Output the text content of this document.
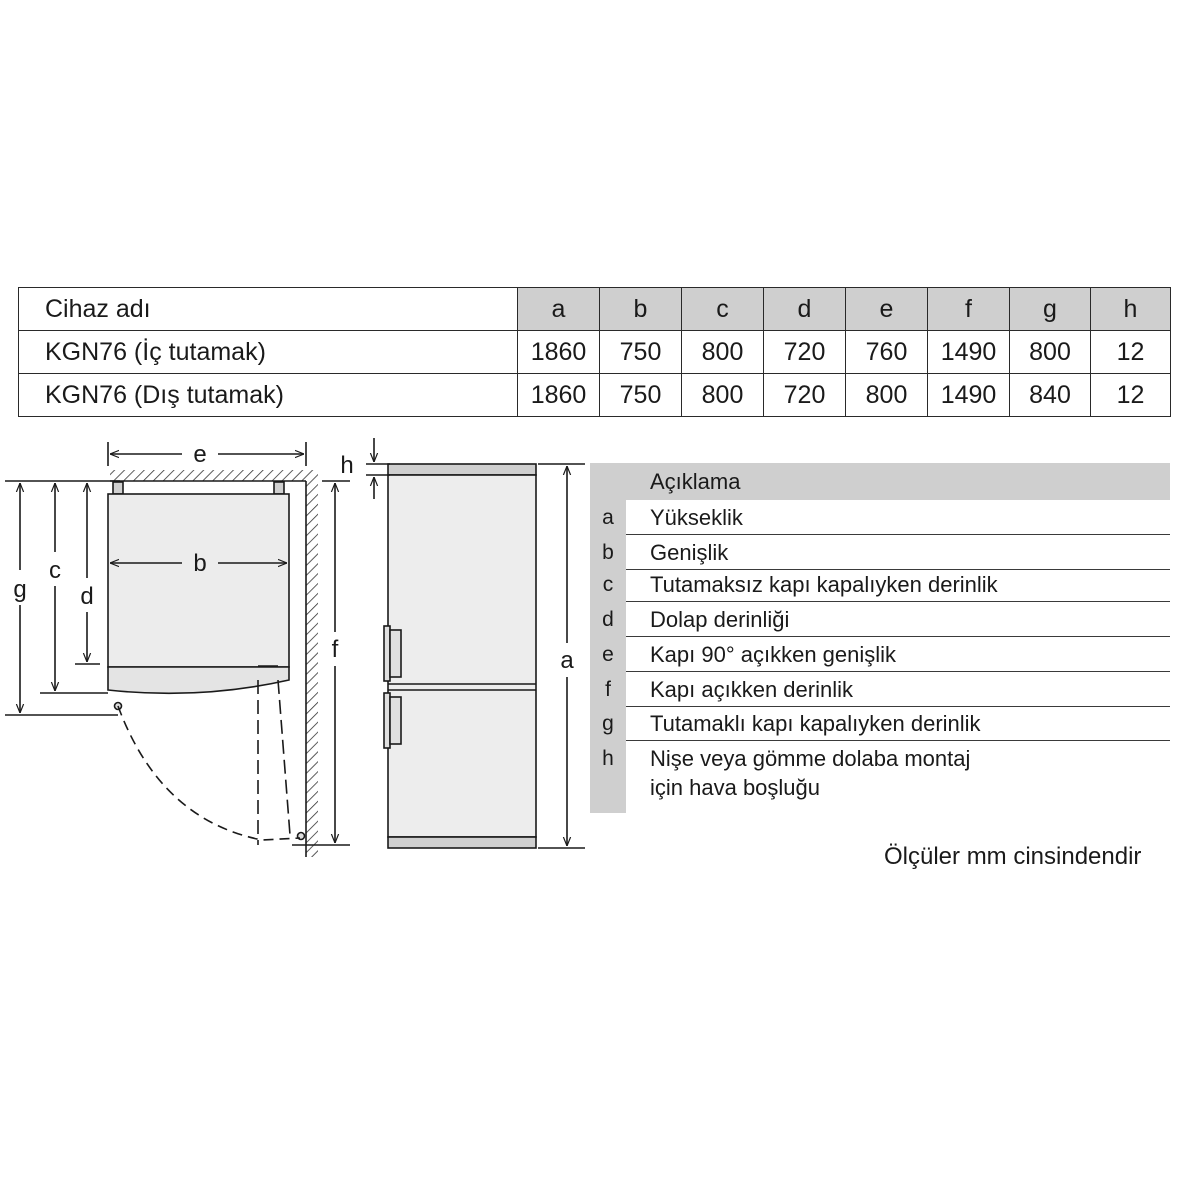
Cihaz adı	a	b	c	d	e	f	g	h
KGN76 (İç tutamak)	1860	750	800	720	760	1490	800	12
KGN76 (Dış tutamak)	1860	750	800	720	800	1490	840	12
e
b
g
c
d
f
h
a
Açıklama
a	Yükseklik
b	Genişlik
c	Tutamaksız kapı kapalıyken derinlik
d	Dolap derinliği
e	Kapı 90° açıkken genişlik
f	Kapı açıkken derinlik
g	Tutamaklı kapı kapalıyken derinlik
h	Nişe veya gömme dolaba montaj
için hava boşluğu
Ölçüler mm cinsindendir
